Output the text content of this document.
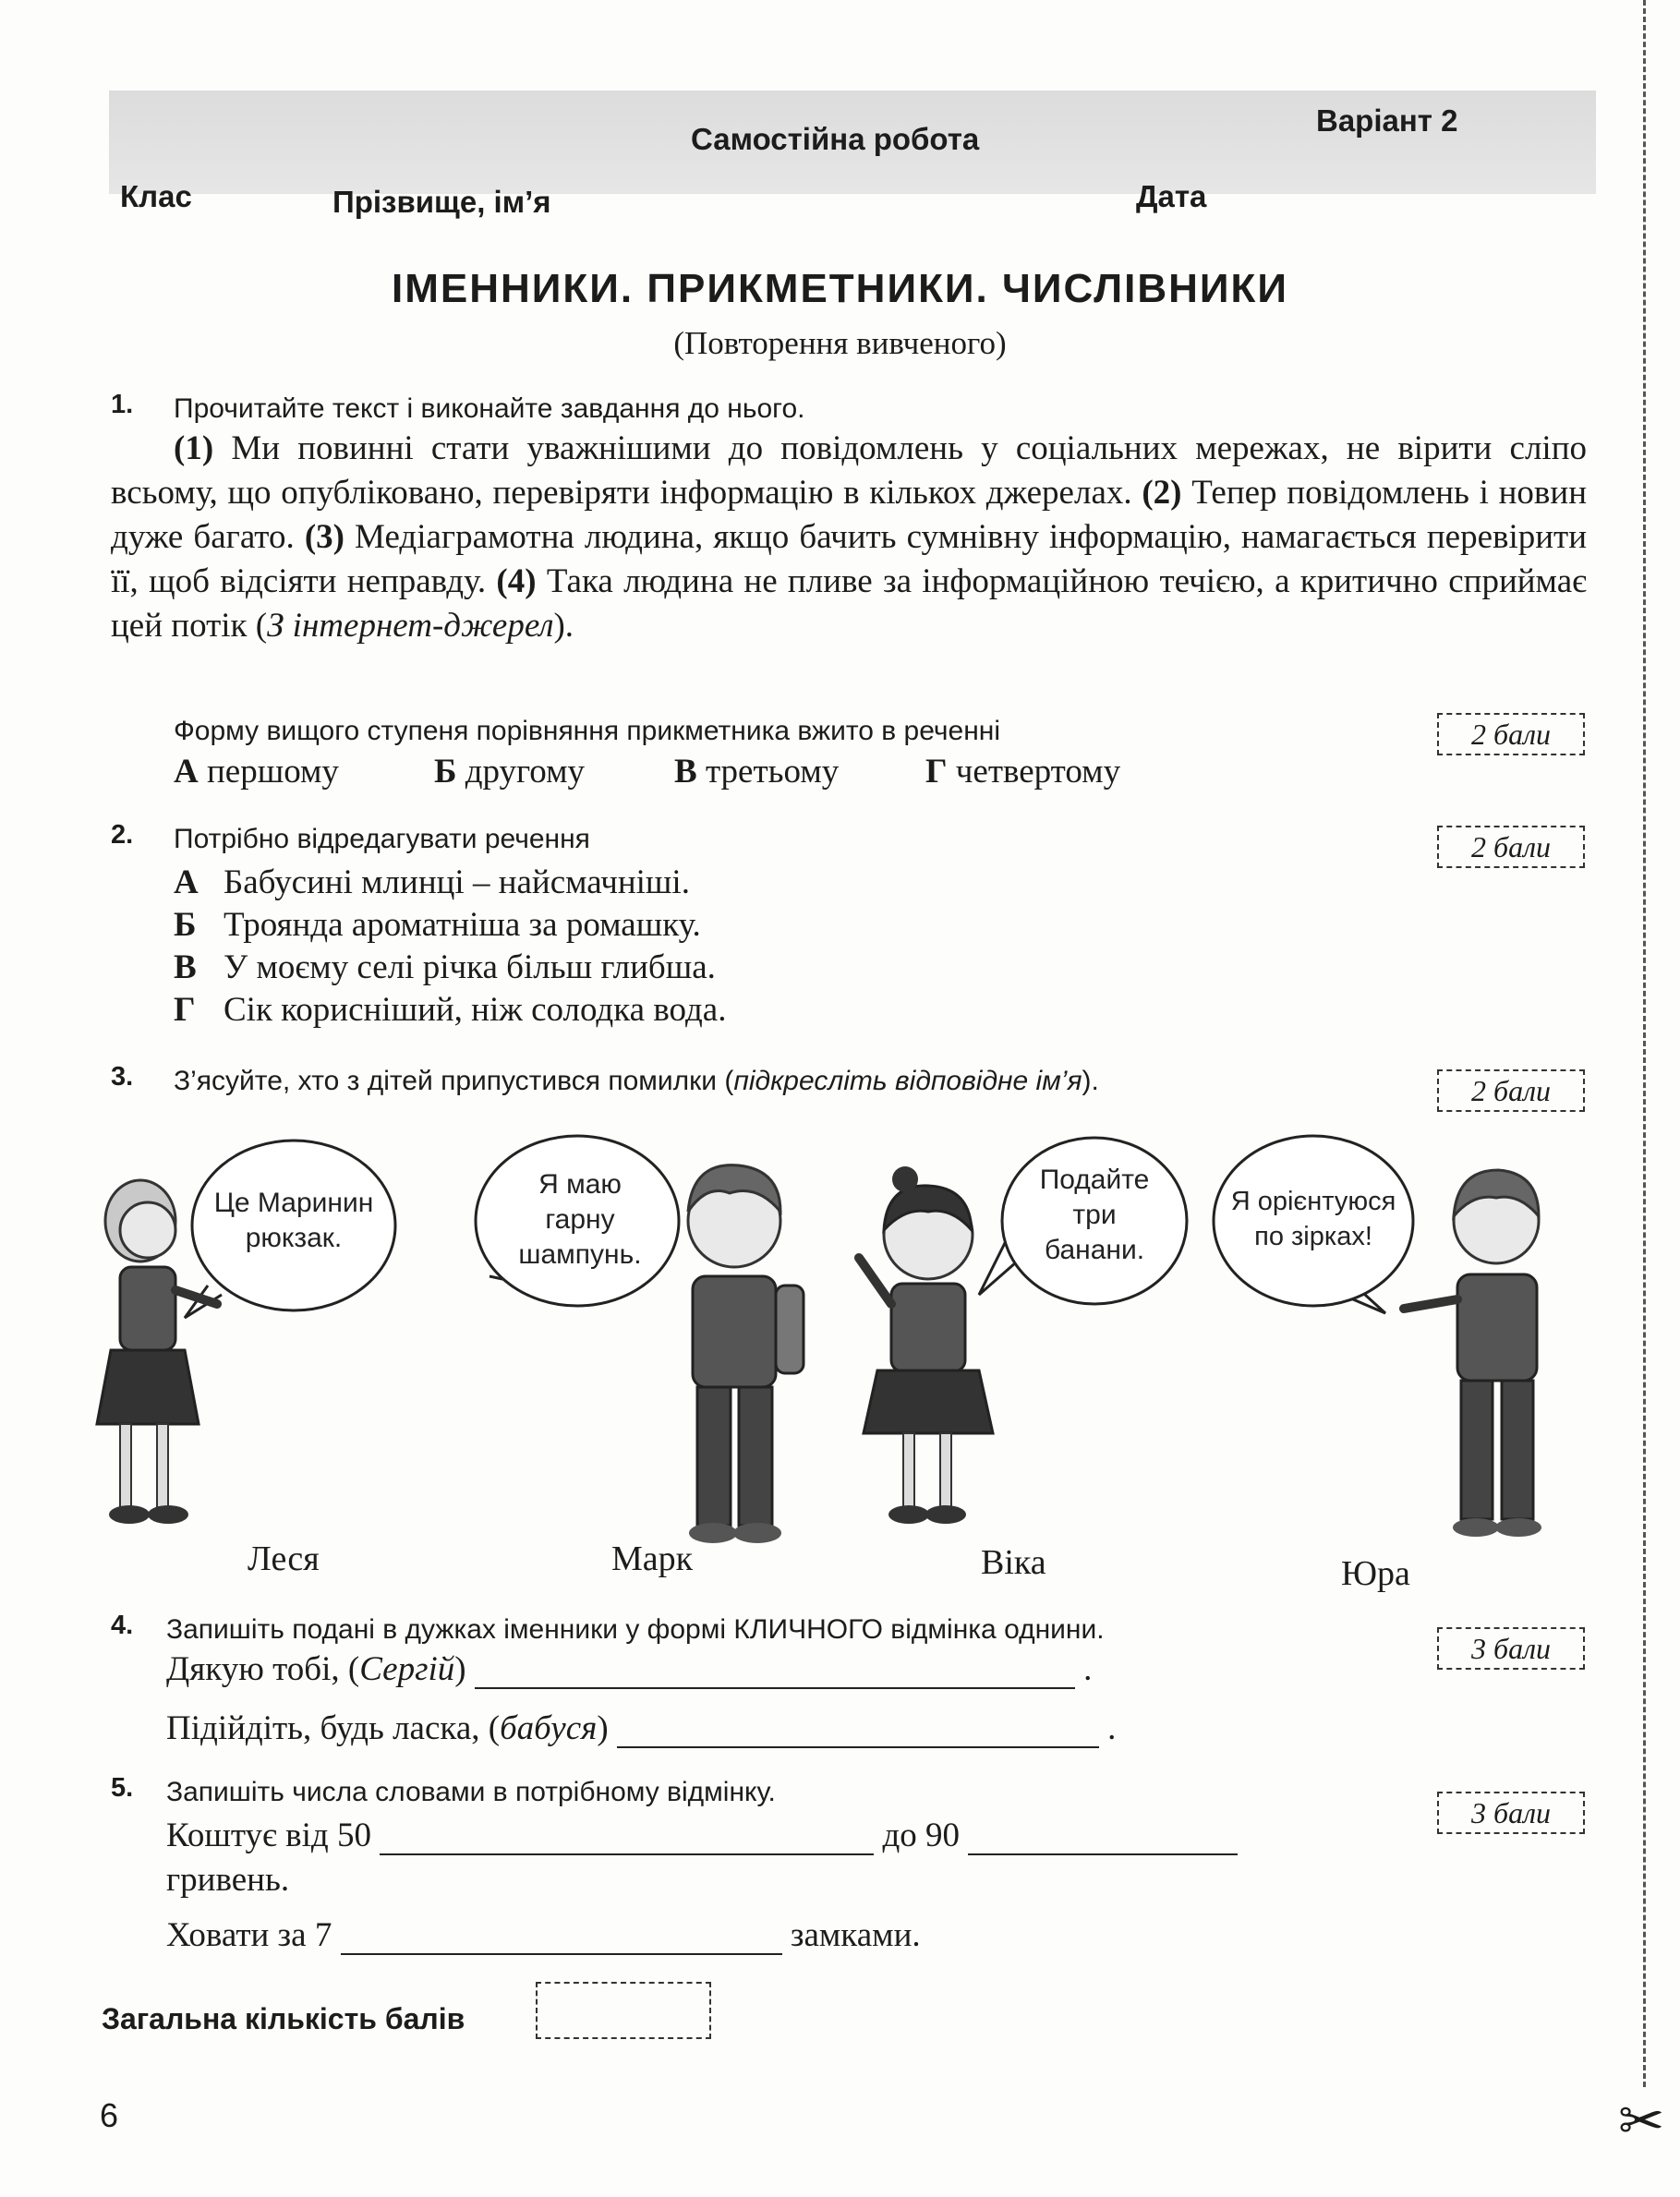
Самостійна робота
Варіант 2
Клас	Прізвище, ім’я	Дата
ІМЕННИКИ. ПРИКМЕТНИКИ. ЧИСЛІВНИКИ
(Повторення вивченого)
1. Прочитайте текст і виконайте завдання до нього.
(1) Ми повинні стати уважнішими до повідомлень у соціальних мережах, не вірити сліпо всьому, що опубліковано, перевіряти інформацію в кількох джерелах. (2) Тепер повідомлень і новин дуже багато. (3) Медіаграмотна людина, якщо бачить сумнівну інформацію, намагається перевірити її, щоб відсіяти неправду. (4) Така людина не пливе за інформаційною течією, а критично сприймає цей потік (З інтернет-джерел).
Форму вищого ступеня порівняння прикметника вжито в реченні	2 бали
А першому	Б другому	В третьому	Г четвертому
2. Потрібно відредагувати речення	2 бали
А Бабусині млинці – найсмачніші.
Б Троянда ароматніша за ромашку.
В У моєму селі річка більш глибша.
Г Сік корисніший, ніж солодка вода.
3. З’ясуйте, хто з дітей припустився помилки (підкресліть відповідне ім’я).	2 бали
Це Маринин
рюкзак.
Я маю
гарну
шампунь.
Подайте
три
банани.
Я орієнтуюся
по зірках!
Леся	Марк	Віка	Юра
4. Запишіть подані в дужках іменники у формі КЛИЧНОГО відмінка однини.
3 бали
Дякую тобі, (Сергій)	.
Підійдіть, будь ласка, (бабуся)	.
5. Запишіть числа словами в потрібному відмінку.
3 бали
Коштує від 50	до 90
гривень.
Ховати за 7	замками.
Загальна кількість балів
6	✂
